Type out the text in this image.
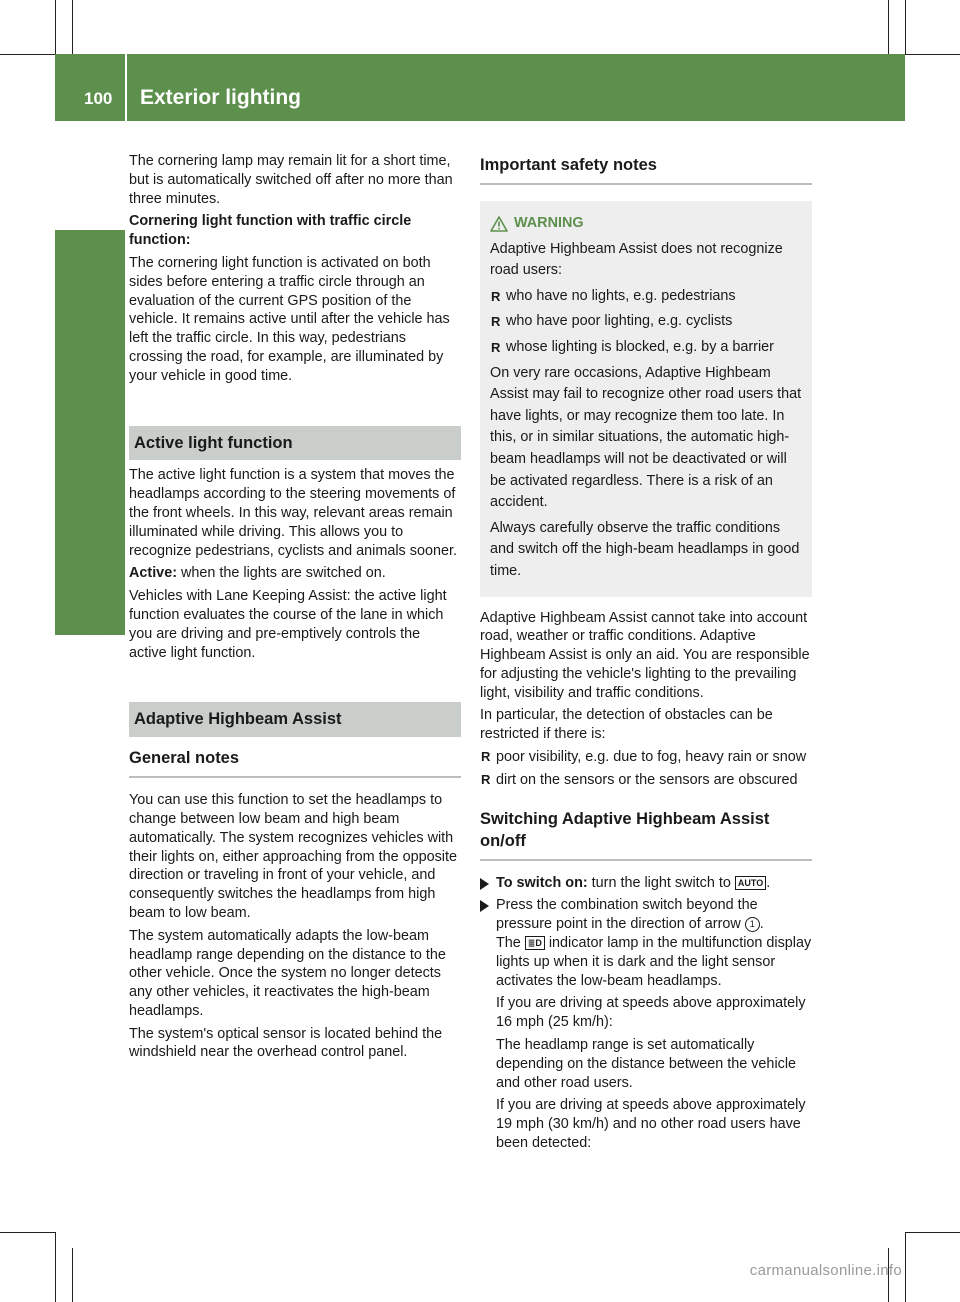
100 Exterior lighting
Lights and windshield wipers

The cornering lamp may remain lit for a short time, but is automatically switched off after no more than three minutes.

Cornering light function with traffic circle function:

The cornering light function is activated on both sides before entering a traffic circle through an evaluation of the current GPS position of the vehicle. It remains active until after the vehicle has left the traffic circle. In this way, pedestrians crossing the road, for example, are illuminated by your vehicle in good time.

Active light function

The active light function is a system that moves the headlamps according to the steering movements of the front wheels. In this way, relevant areas remain illuminated while driving. This allows you to recognize pedestrians, cyclists and animals sooner.

Active: when the lights are switched on.

Vehicles with Lane Keeping Assist: the active light function evaluates the course of the lane in which you are driving and pre-emptively controls the active light function.

Adaptive Highbeam Assist
General notes

You can use this function to set the headlamps to change between low beam and high beam automatically. The system recognizes vehicles with their lights on, either approaching from the opposite direction or traveling in front of your vehicle, and consequently switches the headlamps from high beam to low beam.

The system automatically adapts the low-beam headlamp range depending on the distance to the other vehicle. Once the system no longer detects any other vehicles, it reactivates the high-beam headlamps.

The system's optical sensor is located behind the windshield near the overhead control panel.

Important safety notes
WARNING

Adaptive Highbeam Assist does not recognize road users:

R who have no lights, e.g. pedestrians
R who have poor lighting, e.g. cyclists
R whose lighting is blocked, e.g. by a barrier

On very rare occasions, Adaptive Highbeam Assist may fail to recognize other road users that have lights, or may recognize them too late. In this, or in similar situations, the automatic high-beam headlamps will not be deactivated or will be activated regardless. There is a risk of an accident.

Always carefully observe the traffic conditions and switch off the high-beam headlamps in good time.

Adaptive Highbeam Assist cannot take into account road, weather or traffic conditions. Adaptive Highbeam Assist is only an aid. You are responsible for adjusting the vehicle's lighting to the prevailing light, visibility and traffic conditions.

In particular, the detection of obstacles can be restricted if there is:

R poor visibility, e.g. due to fog, heavy rain or snow
R dirt on the sensors or the sensors are obscured
Switching Adaptive Highbeam Assist on/off
To switch on: turn the light switch to AUTO .
Press the combination switch beyond the pressure point in the direction of arrow 1 .
The ≣D indicator lamp in the multifunction display lights up when it is dark and the light sensor activates the low-beam headlamps.

If you are driving at speeds above approximately 16 mph (25 km/h):

The headlamp range is set automatically depending on the distance between the vehicle and other road users.

If you are driving at speeds above approximately 19 mph (30 km/h) and no other road users have been detected:

carmanualsonline.info
